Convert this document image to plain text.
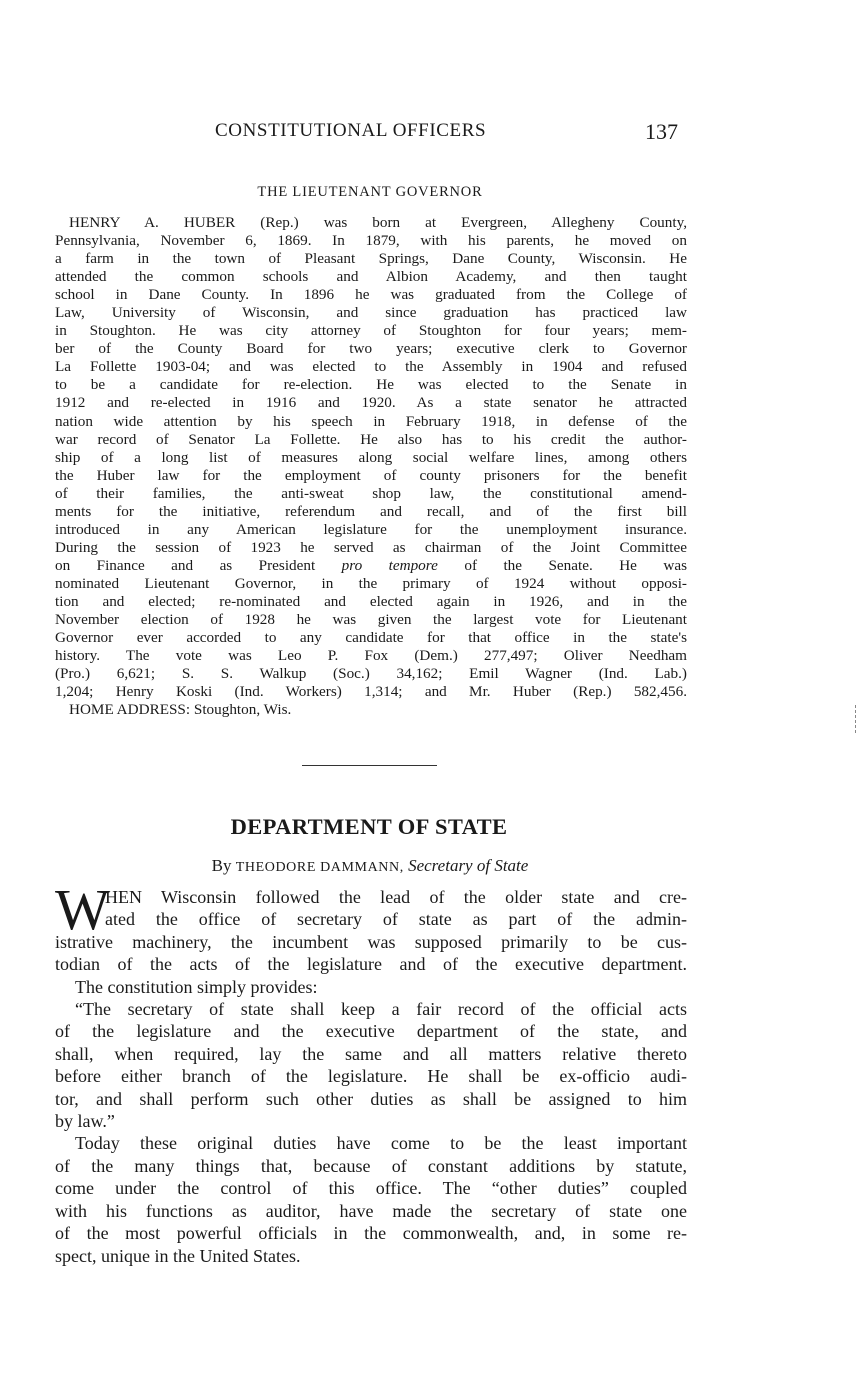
CONSTITUTIONAL OFFICERS	137
THE LIEUTENANT GOVERNOR

HENRY A. HUBER (Rep.) was born at Evergreen, Allegheny County,

Pennsylvania, November 6, 1869. In 1879, with his parents, he moved on

a farm in the town of Pleasant Springs, Dane County, Wisconsin. He

attended the common schools and Albion Academy, and then taught

school in Dane County. In 1896 he was graduated from the College of

Law, University of Wisconsin, and since graduation has practiced law

in Stoughton. He was city attorney of Stoughton for four years; mem-

ber of the County Board for two years; executive clerk to Governor

La Follette 1903-04; and was elected to the Assembly in 1904 and refused

to be a candidate for re-election. He was elected to the Senate in

1912 and re-elected in 1916 and 1920. As a state senator he attracted

nation wide attention by his speech in February 1918, in defense of the

war record of Senator La Follette. He also has to his credit the author-

ship of a long list of measures along social welfare lines, among others

the Huber law for the employment of county prisoners for the benefit

of their families, the anti-sweat shop law, the constitutional amend-

ments for the initiative, referendum and recall, and of the first bill

introduced in any American legislature for the unemployment insurance.

During the session of 1923 he served as chairman of the Joint Committee

on Finance and as President pro tempore of the Senate. He was

nominated Lieutenant Governor, in the primary of 1924 without opposi-

tion and elected; re-nominated and elected again in 1926, and in the

November election of 1928 he was given the largest vote for Lieutenant

Governor ever accorded to any candidate for that office in the state's

history. The vote was Leo P. Fox (Dem.) 277,497; Oliver Needham

(Pro.) 6,621; S. S. Walkup (Soc.) 34,162; Emil Wagner (Ind. Lab.)

1,204; Henry Koski (Ind. Workers) 1,314; and Mr. Huber (Rep.) 582,456.

HOME ADDRESS: Stoughton, Wis.

DEPARTMENT OF STATE
By THEODORE DAMMANN, Secretary of State
W

HEN Wisconsin followed the lead of the older state and cre-

ated the office of secretary of state as part of the admin-

istrative machinery, the incumbent was supposed primarily to be cus-

todian of the acts of the legislature and of the executive department.

The constitution simply provides:

“The secretary of state shall keep a fair record of the official acts

of the legislature and the executive department of the state, and

shall, when required, lay the same and all matters relative thereto

before either branch of the legislature. He shall be ex-officio audi-

tor, and shall perform such other duties as shall be assigned to him

by law.”

Today these original duties have come to be the least important

of the many things that, because of constant additions by statute,

come under the control of this office. The “other duties” coupled

with his functions as auditor, have made the secretary of state one

of the most powerful officials in the commonwealth, and, in some re-

spect, unique in the United States.
